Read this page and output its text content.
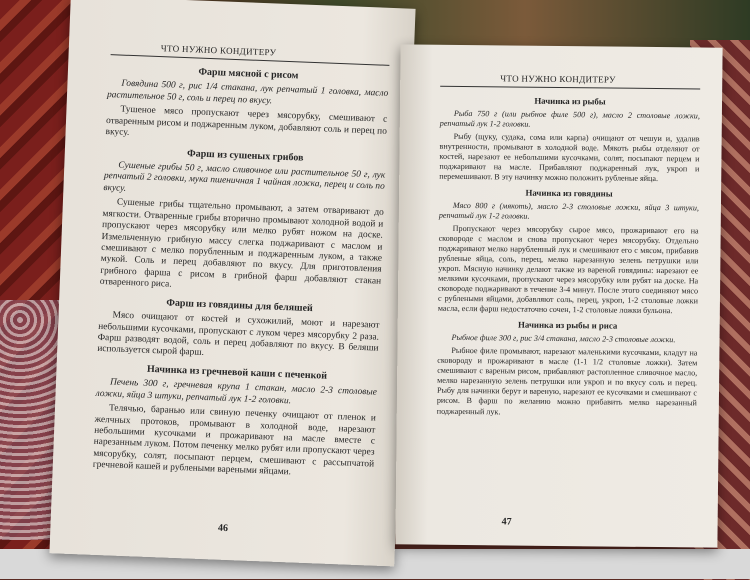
ЧТО НУЖНО КОНДИТЕРУ
Фарш мясной с рисом
Говядина 500 г, рис 1/4 стакана, лук репчатый 1 головка, масло растительное 50 г, соль и перец по вкусу.
Тушеное мясо пропускают через мясорубку, смешивают с отваренным рисом и поджаренным луком, добавляют соль и перец по вкусу.
Фарш из сушеных грибов
Сушеные грибы 50 г, масло сливочное или растительное 50 г, лук репчатый 2 головки, мука пшеничная 1 чайная ложка, перец и соль по вкусу.
Сушеные грибы тщательно промывают, а затем отваривают до мягкости. Отваренные грибы вторично промывают холодной водой и пропускают через мясорубку или мелко рубят ножом на доске. Измельченную грибную массу слегка поджаривают с маслом и смешивают с мелко порубленным и поджаренным луком, а также мукой. Соль и перец добавляют по вкусу. Для приготовления грибного фарша с рисом в грибной фарш добавляют стакан отваренного риса.
Фарш из говядины для беляшей
Мясо очищают от костей и сухожилий, моют и нарезают небольшими кусочками, пропускают с луком через мясорубку 2 раза. Фарш разводят водой, соль и перец добавляют по вкусу. В беляши используется сырой фарш.
Начинка из гречневой каши с печенкой
Печень 300 г, гречневая крупа 1 стакан, масло 2-3 столовые ложки, яйца 3 штуки, репчатый лук 1-2 головки.
Телячью, баранью или свиную печенку очищают от пленок и желчных протоков, промывают в холодной воде, нарезают небольшими кусочками и прожаривают на масле вместе с нарезанным луком. Потом печенку мелко рубят или пропускают через мясорубку, солят, посыпают перцем, смешивают с рассыпчатой гречневой кашей и рублеными вареными яйцами.
46
ЧТО НУЖНО КОНДИТЕРУ
Начинка из рыбы
Рыба 750 г (или рыбное филе 500 г), масло 2 столовые ложки, репчатый лук 1-2 головки.
Рыбу (щуку, судака, сома или карпа) очищают от чешуи и, удалив внутренности, промывают в холодной воде. Мякоть рыбы отделяют от костей, нарезают ее небольшими кусочками, солят, посыпают перцем и поджаривают на масле. Прибавляют поджаренный лук, укроп и перемешивают. В эту начинку можно положить рубленые яйца.
Начинка из говядины
Мясо 800 г (мякоть), масло 2-3 столовые ложки, яйца 3 штуки, репчатый лук 1-2 головки.
Пропускают через мясорубку сырое мясо, прожаривают его на сковороде с маслом и снова пропускают через мясорубку. Отдельно поджаривают мелко нарубленный лук и смешивают его с мясом, прибавив рубленые яйца, соль, перец, мелко нарезанную зелень петрушки или укроп. Мясную начинку делают также из вареной говядины: нарезают ее мелкими кусочками, пропускают через мясорубку или рубят на доске. На сковороде поджаривают в течение 3-4 минут. После этого соединяют мясо с рублеными яйцами, добавляют соль, перец, укроп, 1-2 столовые ложки масла, если фарш недостаточно сочен, 1-2 столовые ложки бульона.
Начинка из рыбы и риса
Рыбное филе 300 г, рис 3/4 стакана, масло 2-3 столовые ложки.
Рыбное филе промывают, нарезают маленькими кусочками, кладут на сковороду и прожаривают в масле (1-1 1/2 столовые ложки). Затем смешивают с вареным рисом, прибавляют растопленное сливочное масло, мелко нарезанную зелень петрушки или укроп и по вкусу соль и перец. Рыбу для начинки берут и вареную, нарезают ее кусочками и смешивают с рисом. В фарш по желанию можно прибавить мелко нарезанный поджаренный лук.
47
